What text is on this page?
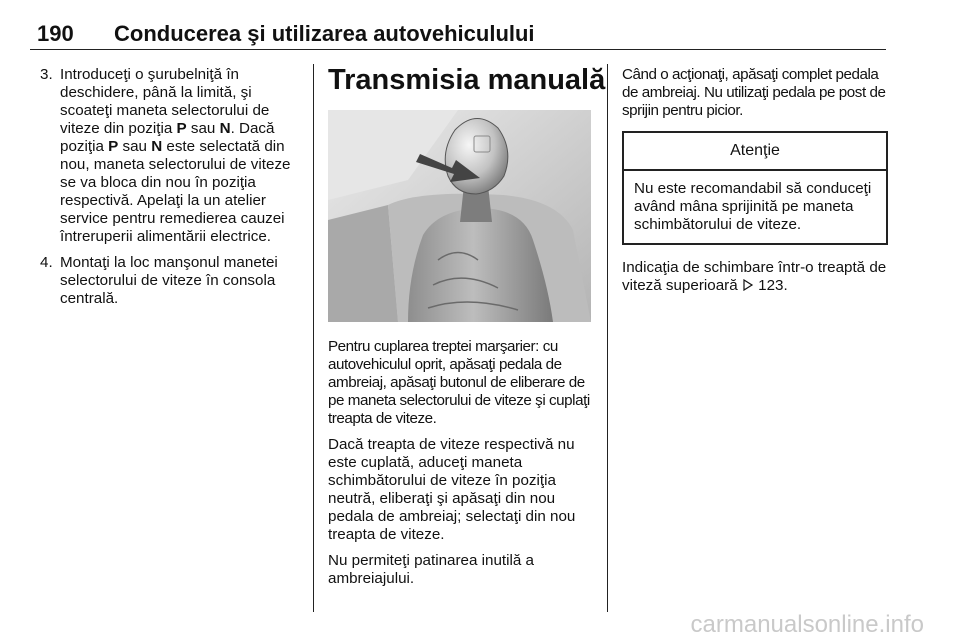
190 Conducerea şi utilizarea autovehiculului
3. Introduceţi o şurubelniţă în deschidere, până la limită, şi scoateţi maneta selectorului de viteze din poziţia P sau N. Dacă poziţia P sau N este selectată din nou, maneta selectorului de viteze se va bloca din nou în poziţia respectivă. Apelaţi la un atelier service pentru remedierea cauzei întreruperii alimentării electrice.
4. Montaţi la loc manşonul manetei selectorului de viteze în consola centrală.
Transmisia manuală

Pentru cuplarea treptei marşarier: cu autovehiculul oprit, apăsaţi pedala de ambreiaj, apăsaţi butonul de eliberare de pe maneta selectorului de viteze şi cuplaţi treapta de viteze.

Dacă treapta de viteze respectivă nu este cuplată, aduceţi maneta schimbătorului de viteze în poziţia neutră, eliberaţi şi apăsaţi din nou pedala de ambreiaj; selectaţi din nou treapta de viteze.

Nu permiteţi patinarea inutilă a ambreiajului.

Când o acţionaţi, apăsaţi complet pedala de ambreiaj. Nu utilizaţi pedala pe post de sprijin pentru picior.

Atenţie
Nu este recomandabil să conduceţi având mâna sprijinită pe maneta schimbătorului de viteze.

Indicaţia de schimbare într-o treaptă de viteză superioară 123.

carmanualsonline.info
